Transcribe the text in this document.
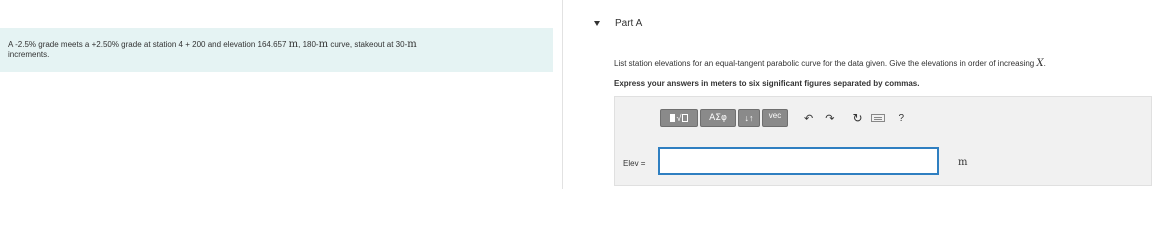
A -2.5% grade meets a +2.50% grade at station 4 + 200 and elevation 164.657 m, 180-m curve, stakeout at 30-m
increments.
Part A
List station elevations for an equal-tangent parabolic curve for the data given. Give the elevations in order of increasing X.
Express your answers in meters to six significant figures separated by commas.
√	ΑΣφ	↓↑	vec	↶ ↷ ↻	?
Elev =	m
